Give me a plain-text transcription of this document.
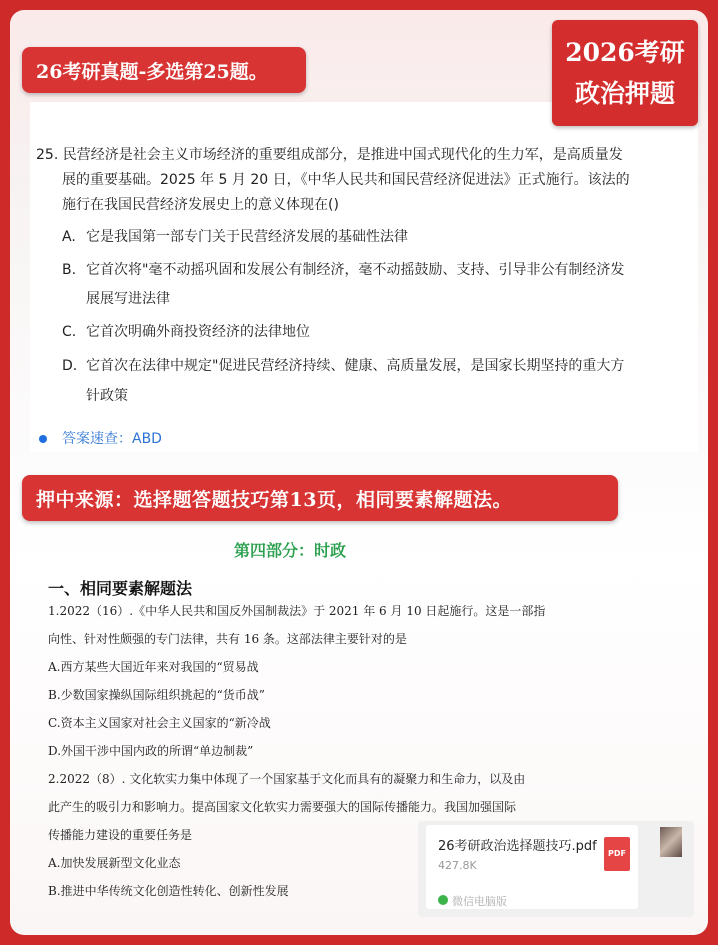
25. 民营经济是社会主义市场经济的重要组成部分，是推进中国式现代化的生力军，是高质量发
展的重要基础。2025 年 5 月 20 日，《中华人民共和国民营经济促进法》正式施行。该法的
施行在我国民营经济发展史上的意义体现在()
A. 它是我国第一部专门关于民营经济发展的基础性法律
B. 它首次将"毫不动摇巩固和发展公有制经济，毫不动摇鼓励、支持、引导非公有制经济发
展展写进法律
C. 它首次明确外商投资经济的法律地位
D. 它首次在法律中规定"促进民营经济持续、健康、高质量发展，是国家长期坚持的重大方
针政策
答案速查：ABD
26考研真题-多选第25题。
2026考研
政治押题
押中来源：选择题答题技巧第13页，相同要素解题法。
第四部分：时政
一、相同要素解题法
1.2022（16）.《中华人民共和国反外国制裁法》于 2021 年 6 月 10 日起施行。这是一部指
向性、针对性颇强的专门法律，共有 16 条。这部法律主要针对的是
A.西方某些大国近年来对我国的“贸易战
B.少数国家操纵国际组织挑起的“货币战”
C.资本主义国家对社会主义国家的“新冷战
D.外国干涉中国内政的所谓“单边制裁”
2.2022（8）. 文化软实力集中体现了一个国家基于文化而具有的凝聚力和生命力，以及由
此产生的吸引力和影响力。提高国家文化软实力需要强大的国际传播能力。我国加强国际
传播能力建设的重要任务是
A.加快发展新型文化业态
B.推进中华传统文化创造性转化、创新性发展
26考研政治选择题技巧.pdf
427.8K
PDF
微信电脑版
